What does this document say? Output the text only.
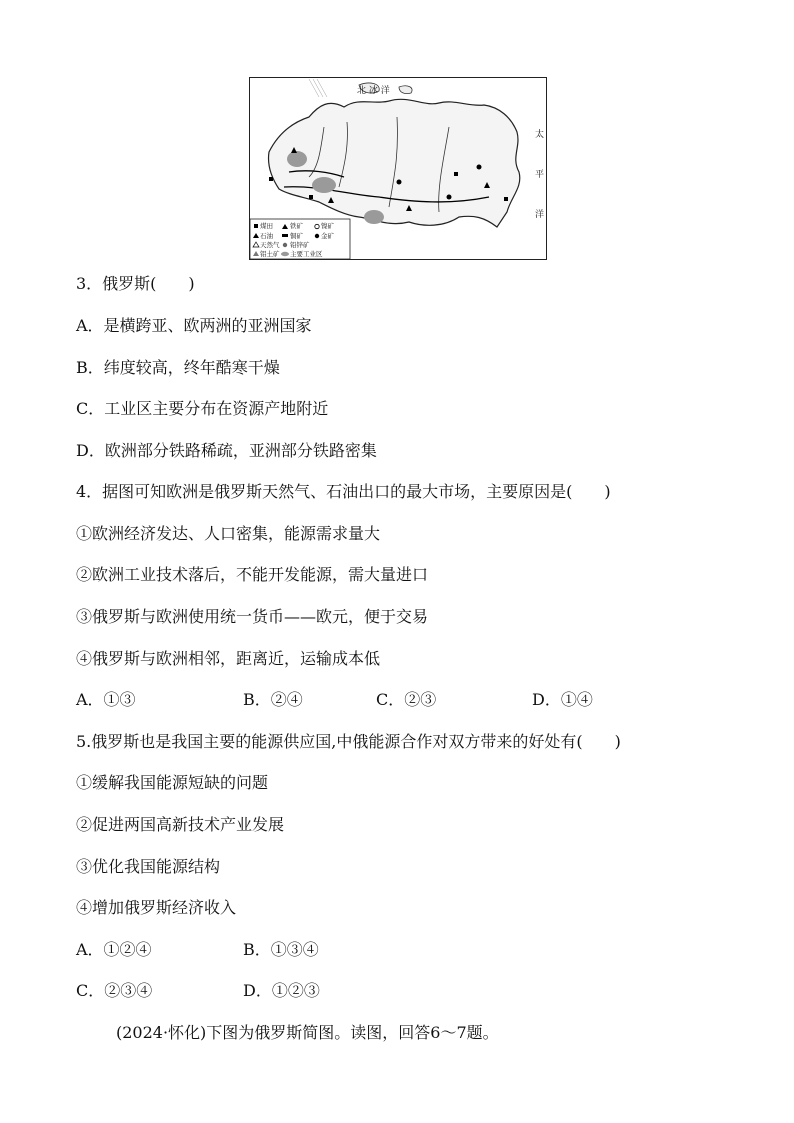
北 冰 洋
太
平
洋
煤田	铁矿	镍矿
石油	铜矿	金矿
天然气 铅锌矿
铝土矿 主要工业区
3．俄罗斯(　　)
A．是横跨亚、欧两洲的亚洲国家
B．纬度较高，终年酷寒干燥
C．工业区主要分布在资源产地附近
D．欧洲部分铁路稀疏，亚洲部分铁路密集
4．据图可知欧洲是俄罗斯天然气、石油出口的最大市场，主要原因是(　　)
①欧洲经济发达、人口密集，能源需求量大
②欧洲工业技术落后，不能开发能源，需大量进口
③俄罗斯与欧洲使用统一货币——欧元，便于交易
④俄罗斯与欧洲相邻，距离近，运输成本低
A．①③	B．②④	C．②③	D．①④
5.俄罗斯也是我国主要的能源供应国,中俄能源合作对双方带来的好处有(　　)
①缓解我国能源短缺的问题
②促进两国高新技术产业发展
③优化我国能源结构
④增加俄罗斯经济收入
A．①②④	B．①③④
C．②③④	D．①②③
(2024·怀化)下图为俄罗斯简图。读图，回答6～7题。
